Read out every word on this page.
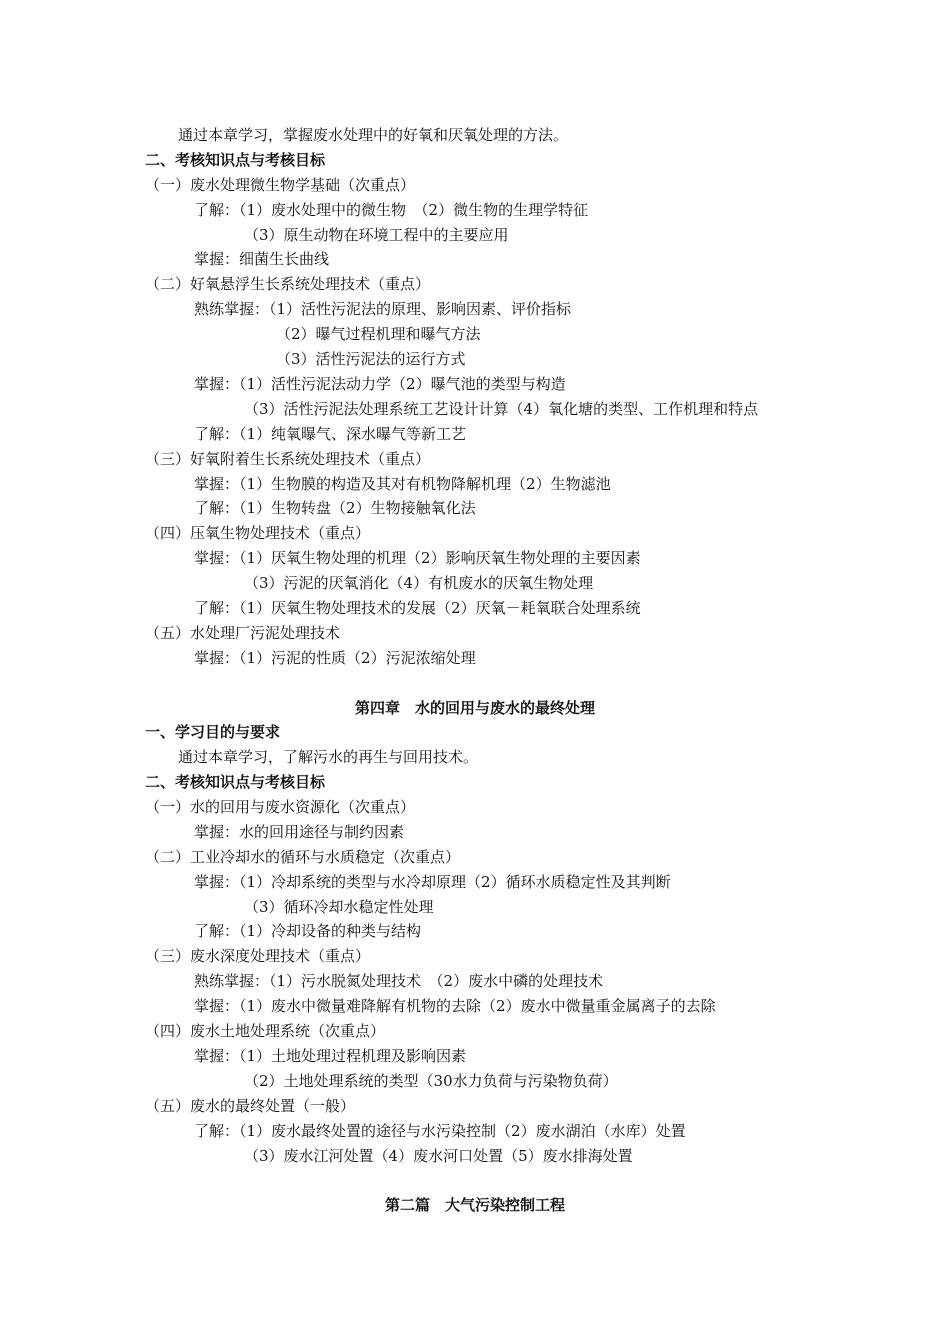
通过本章学习，掌握废水处理中的好氧和厌氧处理的方法。
二、考核知识点与考核目标
（一）废水处理微生物学基础（次重点）
了解：（1）废水处理中的微生物　（2）微生物的生理学特征
（3）原生动物在环境工程中的主要应用
掌握：细菌生长曲线
（二）好氧悬浮生长系统处理技术（重点）
熟练掌握：（1）活性污泥法的原理、影响因素、评价指标
（2）曝气过程机理和曝气方法
（3）活性污泥法的运行方式
掌握：（1）活性污泥法动力学（2）曝气池的类型与构造
（3）活性污泥法处理系统工艺设计计算（4）氧化塘的类型、工作机理和特点
了解：（1）纯氧曝气、深水曝气等新工艺
（三）好氧附着生长系统处理技术（重点）
掌握：（1）生物膜的构造及其对有机物降解机理（2）生物滤池
了解：（1）生物转盘（2）生物接触氧化法
（四）压氧生物处理技术（重点）
掌握：（1）厌氧生物处理的机理（2）影响厌氧生物处理的主要因素
（3）污泥的厌氧消化（4）有机废水的厌氧生物处理
了解：（1）厌氧生物处理技术的发展（2）厌氧－耗氧联合处理系统
（五）水处理厂污泥处理技术
掌握：（1）污泥的性质（2）污泥浓缩处理
第四章　水的回用与废水的最终处理
一、学习目的与要求
通过本章学习，了解污水的再生与回用技术。
二、考核知识点与考核目标
（一）水的回用与废水资源化（次重点）
掌握：水的回用途径与制约因素
（二）工业冷却水的循环与水质稳定（次重点）
掌握：（1）冷却系统的类型与水冷却原理（2）循环水质稳定性及其判断
（3）循环冷却水稳定性处理
了解：（1）冷却设备的种类与结构
（三）废水深度处理技术（重点）
熟练掌握：（1）污水脱氮处理技术　（2）废水中磷的处理技术
掌握：（1）废水中微量难降解有机物的去除（2）废水中微量重金属离子的去除
（四）废水土地处理系统（次重点）
掌握：（1）土地处理过程机理及影响因素
（2）土地处理系统的类型（30水力负荷与污染物负荷）
（五）废水的最终处置（一般）
了解：（1）废水最终处置的途径与水污染控制（2）废水湖泊（水库）处置
（3）废水江河处置（4）废水河口处置（5）废水排海处置
第二篇　大气污染控制工程
